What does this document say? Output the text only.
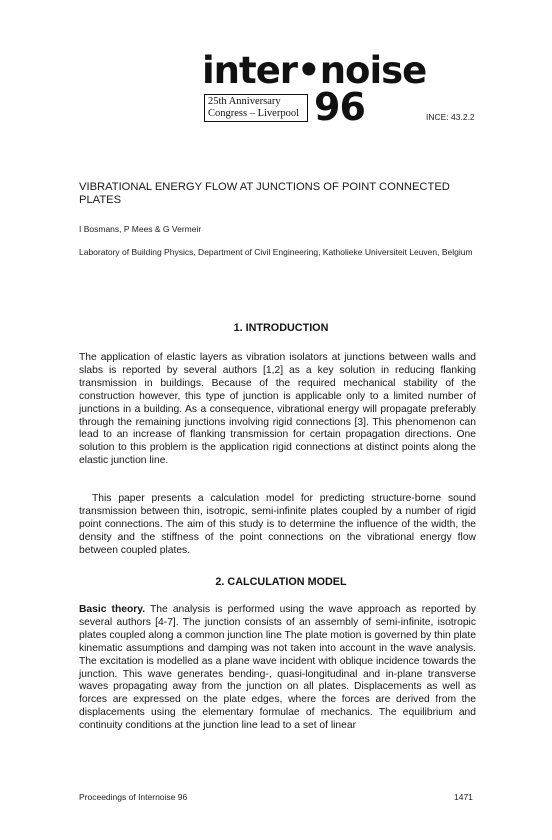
inter•noise
25th Anniversary
Congress – Liverpool 96	INCE: 43.2.2
VIBRATIONAL ENERGY FLOW AT JUNCTIONS OF POINT CONNECTED PLATES
I Bosmans, P Mees & G Vermeir
Laboratory of Building Physics, Department of Civil Engineering, Katholieke Universiteit Leuven, Belgium
1. INTRODUCTION

The application of elastic layers as vibration isolators at junctions between walls and slabs is reported by several authors [1,2] as a key solution in reducing flanking transmission in buildings. Because of the required mechanical stability of the construction however, this type of junction is applicable only to a limited number of junctions in a building. As a consequence, vibrational energy will propagate preferably through the remaining junctions involving rigid connections [3]. This phenomenon can lead to an increase of flanking transmission for certain propagation directions. One solution to this problem is the application rigid connections at distinct points along the elastic junction line.

This paper presents a calculation model for predicting structure-borne sound transmission between thin, isotropic, semi-infinite plates coupled by a number of rigid point connections. The aim of this study is to determine the influence of the width, the density and the stiffness of the point connections on the vibrational energy flow between coupled plates.

2. CALCULATION MODEL

Basic theory. The analysis is performed using the wave approach as reported by several authors [4-7]. The junction consists of an assembly of semi-infinite, isotropic plates coupled along a common junction line The plate motion is governed by thin plate kinematic assumptions and damping was not taken into account in the wave analysis. The excitation is modelled as a plane wave incident with oblique incidence towards the junction. This wave generates bending-, quasi-longitudinal and in-plane transverse waves propagating away from the junction on all plates. Displacements as well as forces are expressed on the plate edges, where the forces are derived from the displacements using the elementary formulae of mechanics. The equilibrium and continuity conditions at the junction line lead to a set of linear

Proceedings of Internoise 96	1471
